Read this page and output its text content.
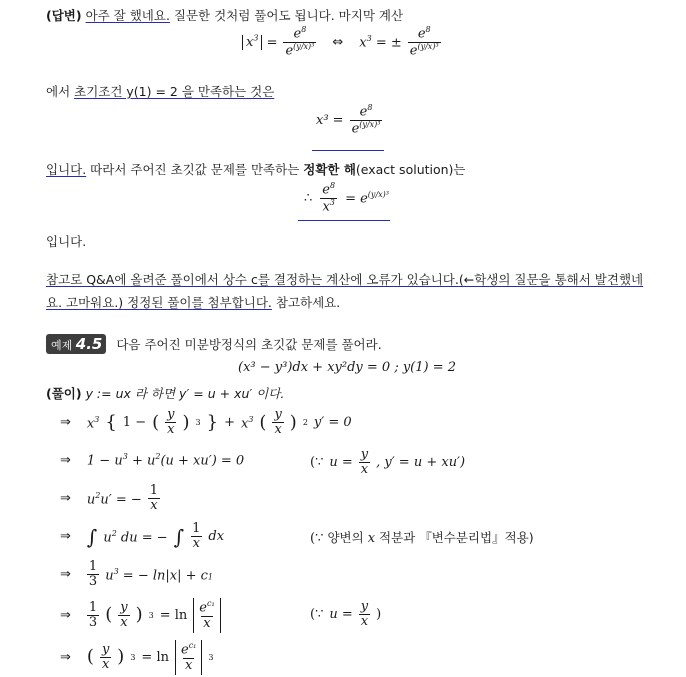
(답변) 아주 잘 했네요. 질문한 것처럼 풀어도 됩니다. 마지막 계산
$x^3 = \frac{e^8}{e^{(y/x)^3}}$ ⇔ $x^3$ = ± $\frac{e^8}{e^{(y/x)^3}}$
에서 초기조건 y(1) = 2 을 만족하는 것은
$x^3 = \frac{e^8}{e^{(y/x)^3}}$
입니다. 따라서 주어진 초깃값 문제를 만족하는 정확한 해(exact solution)는
∴ $\frac{e^8}{x^3} = e^{(y/x)^3}$
입니다.
참고로 Q&A에 올려준 풀이에서 상수 c를 결정하는 계산에 오류가 있습니다.(←학생의 질문을 통해서 발견했네
요. 고마워요.) 정정된 풀이를 첨부합니다. 참고하세요.
예제 4.5	다음 주어진 미분방정식의 초깃값 문제를 풀어라.
(x³ − y³)dx + xy²dy = 0 ; y(1) = 2
(풀이) y := ux 라 하면 y′ = u + xu′ 이다.
⇒ $x^3$ { 1 − ( $\frac{y}{x}$ ) 3 } + $x^3$ ( $\frac{y}{x}$ ) 2 y′ = 0
⇒ $1 - u^3 + u^2(u + xu') = 0$	(∵ $u = \frac{y}{x}$ , y′ = u + xu′)
⇒ $u^2u'$ = − $\frac{1}{x}$
⇒ ∫ $u^2$ du = − ∫ $\frac{1}{x}$ dx	(∵ 양변의 x 적분과 『변수분리법』적용)
⇒ $\frac{1}{3} u^3$ = − ln|x| + c1
⇒ $\frac{1}{3}$ ( $\frac{y}{x}$ ) $3 = \ln \frac{e^{c_1}}{x}$	(∵ $u = \frac{y}{x}$ )
⇒ ( $\frac{y}{x}$ ) $3 = \ln \frac{e^{c_1}}{x} 3$
